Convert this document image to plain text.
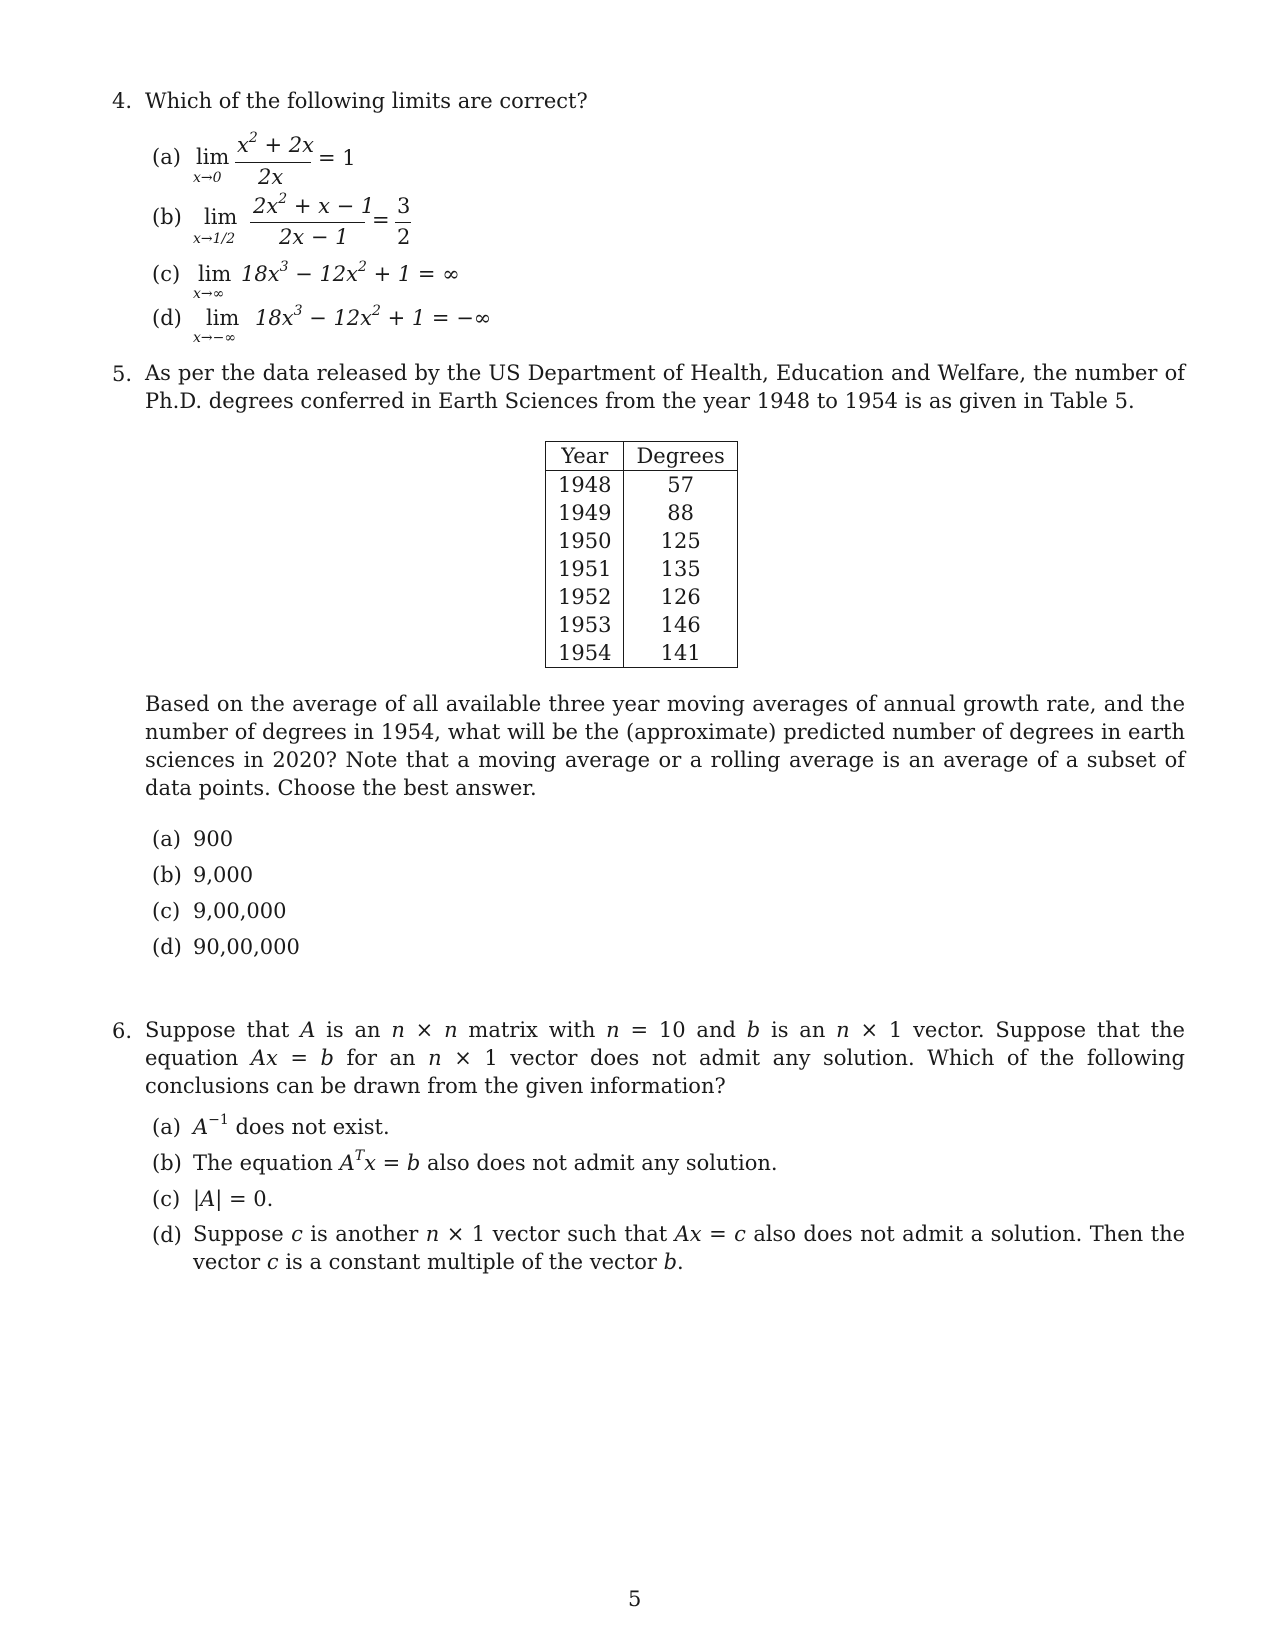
4. Which of the following limits are correct?
(a) lim
x→0
$x^2 + 2x$
2x
= 1
(b) lim
x→1/2
$2x^2 + x - 1$
2x − 1
=
3
2
(c) lim
x→∞
$18x^3 - 12x^2 + 1$ = ∞
(d) lim
x→−∞
$18x^3 - 12x^2 + 1$ = −∞
5. As per the data released by the US Department of Health, Education and Welfare, the number of Ph.D. degrees conferred in Earth Sciences from the year 1948 to 1954 is as given in Table 5.
Year	Degrees
1948	57
1949	88
1950	125
1951	135
1952	126
1953	146
1954	141
Based on the average of all available three year moving averages of annual growth rate, and the number of degrees in 1954, what will be the (approximate) predicted number of degrees in earth sciences in 2020? Note that a moving average or a rolling average is an average of a subset of data points. Choose the best answer.
(a) 900
(b) 9,000
(c) 9,00,000
(d) 90,00,000
6. Suppose that A is an n × n matrix with n = 10 and b is an n × 1 vector. Suppose that the equation Ax = b for an n × 1 vector does not admit any solution. Which of the following conclusions can be drawn from the given information?
(a) $A^{-1}$ does not exist.
(b) The equation $A^Tx = b$ also does not admit any solution.
(c) |A| = 0.
(d) Suppose c is another n × 1 vector such that Ax = c also does not admit a solution. Then the vector c is a constant multiple of the vector b.
5
